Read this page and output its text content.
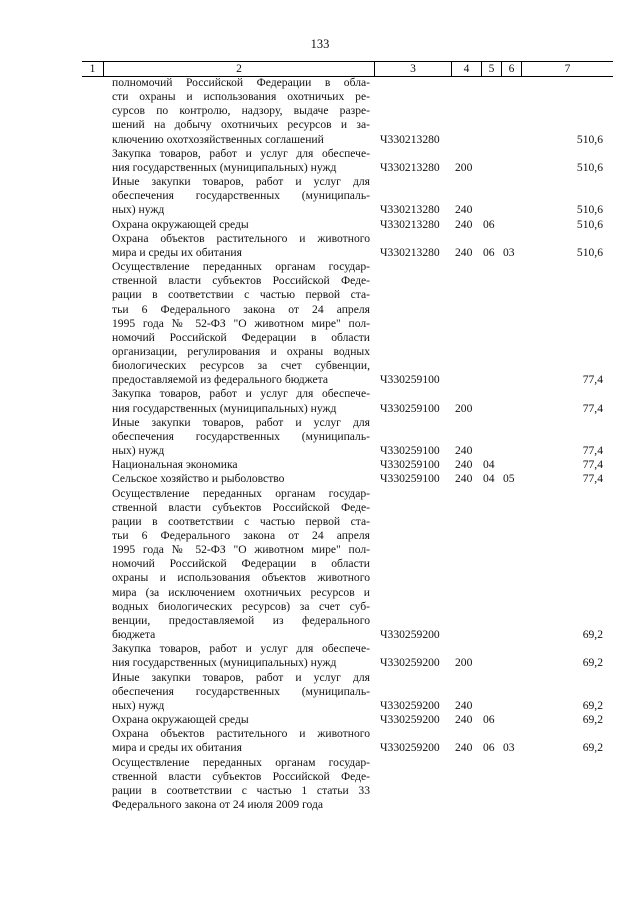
133
1	2	3	4	5	6	7
полномочий Российской Федерации в обла-
сти охраны и использования охотничьих ре-
сурсов по контролю, надзору, выдаче разре-
шений на добычу охотничьих ресурсов и за-
ключению охотхозяйственных соглашений	Ч330213280	510,6
Закупка товаров, работ и услуг для обеспече-
ния государственных (муниципальных) нужд	Ч330213280 200	510,6
Иные закупки товаров, работ и услуг для
обеспечения государственных (муниципаль-
ных) нужд	Ч330213280 240	510,6
Охрана окружающей среды	Ч330213280 240 06	510,6
Охрана объектов растительного и животного
мира и среды их обитания	Ч330213280 240 06 03	510,6
Осуществление переданных органам государ-
ственной власти субъектов Российской Феде-
рации в соответствии с частью первой ста-
тьи 6 Федерального закона от 24 апреля
1995 года № 52-ФЗ "О животном мире" пол-
номочий Российской Федерации в области
организации, регулирования и охраны водных
биологических ресурсов за счет субвенции,
предоставляемой из федерального бюджета	Ч330259100	77,4
Закупка товаров, работ и услуг для обеспече-
ния государственных (муниципальных) нужд	Ч330259100 200	77,4
Иные закупки товаров, работ и услуг для
обеспечения государственных (муниципаль-
ных) нужд	Ч330259100 240	77,4
Национальная экономика	Ч330259100 240 04	77,4
Сельское хозяйство и рыболовство	Ч330259100 240 04 05	77,4
Осуществление переданных органам государ-
ственной власти субъектов Российской Феде-
рации в соответствии с частью первой ста-
тьи 6 Федерального закона от 24 апреля
1995 года № 52-ФЗ "О животном мире" пол-
номочий Российской Федерации в области
охраны и использования объектов животного
мира (за исключением охотничьих ресурсов и
водных биологических ресурсов) за счет суб-
венции, предоставляемой из федерального
бюджета	Ч330259200	69,2
Закупка товаров, работ и услуг для обеспече-
ния государственных (муниципальных) нужд	Ч330259200 200	69,2
Иные закупки товаров, работ и услуг для
обеспечения государственных (муниципаль-
ных) нужд	Ч330259200 240	69,2
Охрана окружающей среды	Ч330259200 240 06	69,2
Охрана объектов растительного и животного
мира и среды их обитания	Ч330259200 240 06 03	69,2
Осуществление переданных органам государ-
ственной власти субъектов Российской Феде-
рации в соответствии с частью 1 статьи 33
Федерального закона от 24 июля 2009 года
